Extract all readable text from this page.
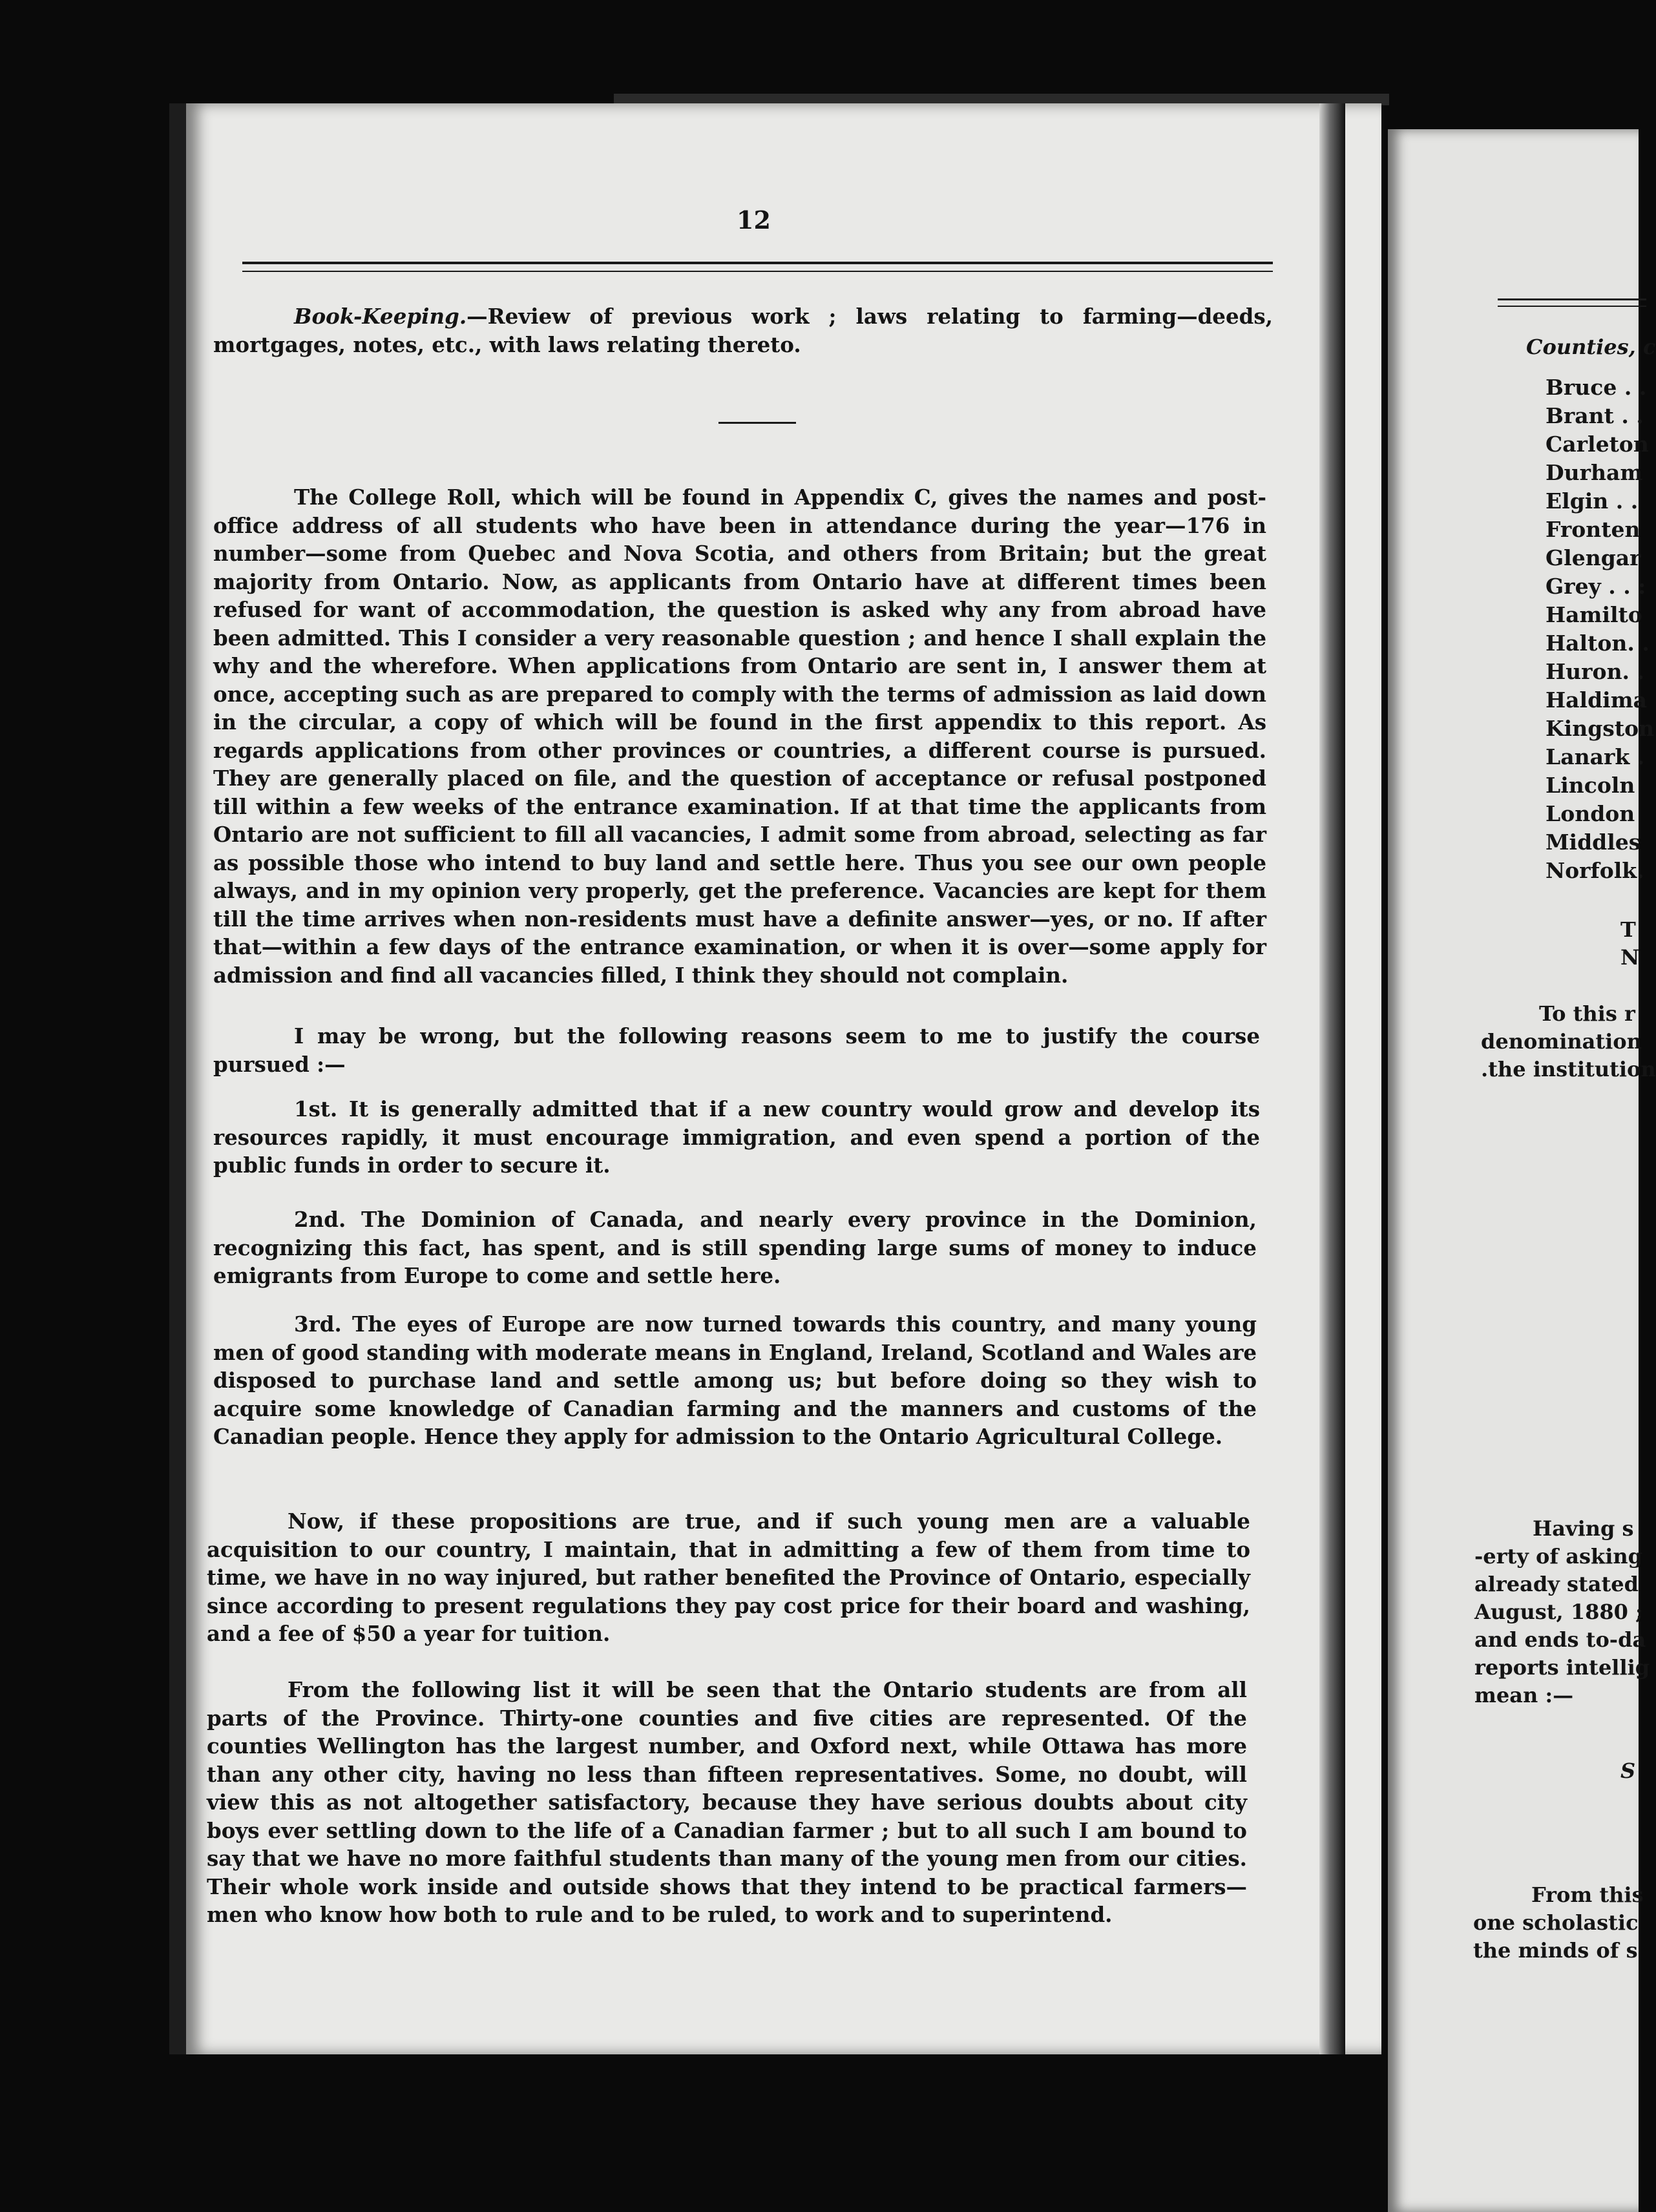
12

Book-Keeping.—Review of previous work ; laws relating to farming—deeds, mortgages, notes, etc., with laws relating thereto.

The College Roll, which will be found in Appendix C, gives the names and post-office address of all students who have been in attendance during the year—176 in number—some from Quebec and Nova Scotia, and others from Britain; but the great majority from Ontario. Now, as applicants from Ontario have at different times been refused for want of accommodation, the question is asked why any from abroad have been admitted. This I consider a very reasonable question ; and hence I shall explain the why and the wherefore. When applications from Ontario are sent in, I answer them at once, accepting such as are prepared to comply with the terms of admission as laid down in the circular, a copy of which will be found in the first appendix to this report. As regards applications from other provinces or countries, a different course is pursued. They are generally placed on file, and the question of acceptance or refusal postponed till within a few weeks of the entrance examination. If at that time the applicants from Ontario are not sufficient to fill all vacancies, I admit some from abroad, selecting as far as possible those who intend to buy land and settle here. Thus you see our own people always, and in my opinion very properly, get the preference. Vacancies are kept for them till the time arrives when non-residents must have a definite answer—yes, or no. If after that—within a few days of the entrance examination, or when it is over—some apply for admission and find all vacancies filled, I think they should not complain.

I may be wrong, but the following reasons seem to me to justify the course pursued :—

1st. It is generally admitted that if a new country would grow and develop its resources rapidly, it must encourage immigration, and even spend a portion of the public funds in order to secure it.

2nd. The Dominion of Canada, and nearly every province in the Dominion, recognizing this fact, has spent, and is still spending large sums of money to induce emigrants from Europe to come and settle here.

3rd. The eyes of Europe are now turned towards this country, and many young men of good standing with moderate means in England, Ireland, Scotland and Wales are disposed to purchase land and settle among us; but before doing so they wish to acquire some knowledge of Canadian farming and the manners and customs of the Canadian people. Hence they apply for admission to the Ontario Agricultural College.

Now, if these propositions are true, and if such young men are a valuable acquisition to our country, I maintain, that in admitting a few of them from time to time, we have in no way injured, but rather benefited the Province of Ontario, especially since according to present regulations they pay cost price for their board and washing, and a fee of $50 a year for tuition.

From the following list it will be seen that the Ontario students are from all parts of the Province. Thirty-one counties and five cities are represented. Of the counties Wellington has the largest number, and Oxford next, while Ottawa has more than any other city, having no less than fifteen representatives. Some, no doubt, will view this as not altogether satisfactory, because they have serious doubts about city boys ever settling down to the life of a Canadian farmer ; but to all such I am bound to say that we have no more faithful students than many of the young men from our cities. Their whole work inside and outside shows that they intend to be practical farmers—men who know how both to rule and to be ruled, to work and to superintend.

Counties, c
Bruce . .
Brant . .
Carleton
Durham
Elgin . .
Fronten
Glengar
Grey . . :
Hamilto
Halton. .
Huron. .
Haldima
Kingston
Lanark .
Lincoln
London
Middles
Norfolk.
T
N
To this r
denomination
.the institution
Having s
-erty of asking
already stated
August, 1880 ;
and ends to-da
reports intellig
mean :—
S
From this
one scholastic
the minds of s
